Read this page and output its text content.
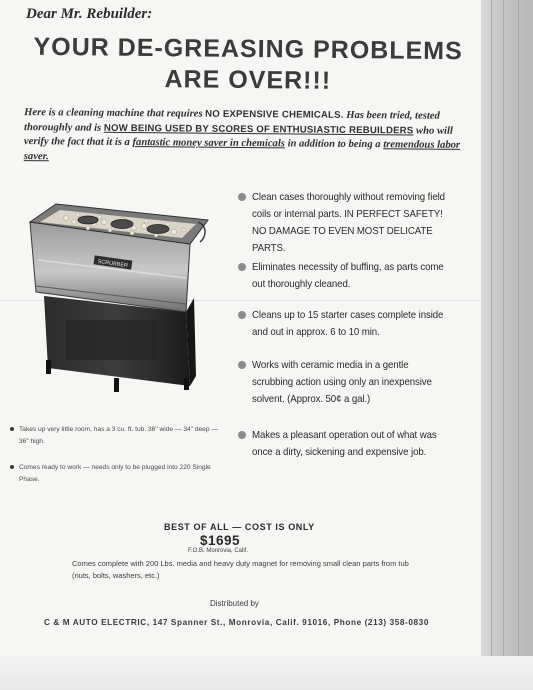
Dear Mr. Rebuilder:

YOUR DE-GREASING PROBLEMS
ARE OVER!!!

Here is a cleaning machine that requires NO EXPENSIVE CHEMICALS. Has been tried, tested thoroughly and is NOW BEING USED BY SCORES OF ENTHUSIASTIC REBUILDERS who will verify the fact that it is a fantastic money saver in chemicals in addition to being a tremendous labor saver.

SCRUBBER

Clean cases thoroughly without removing field coils or internal parts. IN PERFECT SAFETY! NO DAMAGE TO EVEN MOST DELICATE PARTS.

Eliminates necessity of buffing, as parts come out thoroughly cleaned.

Cleans up to 15 starter cases complete inside and out in approx. 6 to 10 min.

Works with ceramic media in a gentle scrubbing action using only an inexpensive solvent. (Approx. 50¢ a gal.)

Makes a pleasant operation out of what was once a dirty, sickening and expensive job.

Takes up very little room, has a 3 cu. ft. tub. 36" wide — 34" deep — 36" high.

Comes ready to work — needs only to be plugged into 220 Single Phase.

BEST OF ALL — COST IS ONLY

$1695

F.O.B. Monrovia, Calif.

Comes complete with 200 Lbs. media and heavy duty magnet for removing small clean parts from tub (nuts, bolts, washers, etc.)

Distributed by

C & M AUTO ELECTRIC, 147 Spanner St., Monrovia, Calif. 91016, Phone (213) 358-0830
